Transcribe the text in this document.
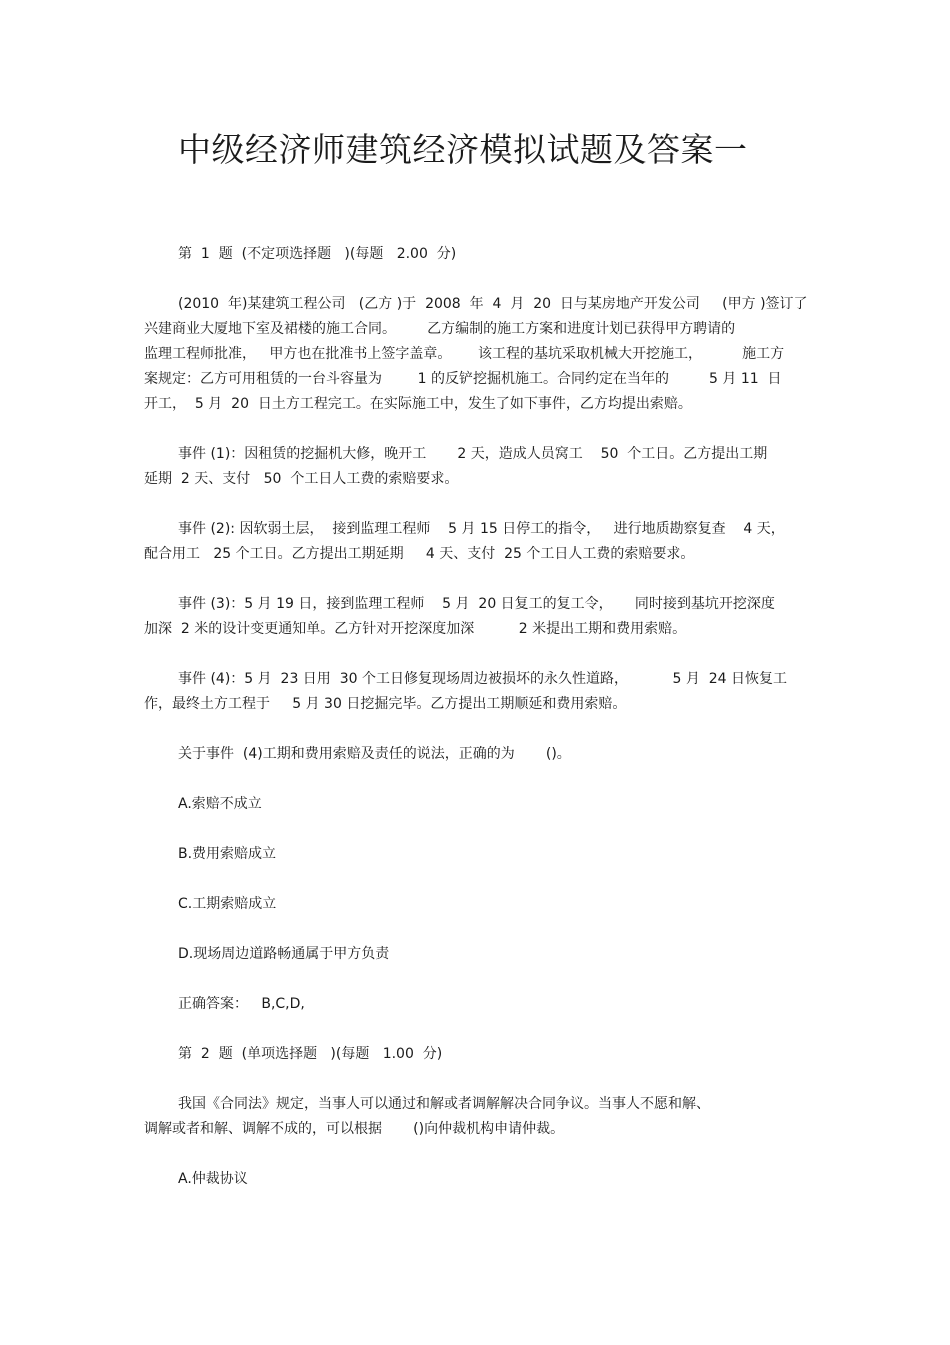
中级经济师建筑经济模拟试题及答案一
第  1  题  (不定项选择题   )(每题   2.00  分)
(2010  年)某建筑工程公司   (乙方 )于  2008  年  4  月  20  日与某房地产开发公司     (甲方 )签订了
兴建商业大厦地下室及裙楼的施工合同。       乙方编制的施工方案和进度计划已获得甲方聘请的
监理工程师批准，   甲方也在批准书上签字盖章。      该工程的基坑采取机械大开挖施工，         施工方
案规定：乙方可用租赁的一台斗容量为        1 的反铲挖掘机施工。合同约定在当年的         5 月 11  日
开工，  5 月  20  日土方工程完工。在实际施工中，发生了如下事件，乙方均提出索赔。
事件 (1)：因租赁的挖掘机大修，晚开工       2 天，造成人员窝工    50  个工日。乙方提出工期
延期  2 天、支付   50  个工日人工费的索赔要求。
事件 (2): 因软弱土层，  接到监理工程师    5 月 15 日停工的指令，   进行地质勘察复查    4 天，
配合用工   25 个工日。乙方提出工期延期     4 天、支付  25 个工日人工费的索赔要求。
事件 (3)：5 月 19 日，接到监理工程师    5 月  20 日复工的复工令，     同时接到基坑开挖深度
加深  2 米的设计变更通知单。乙方针对开挖深度加深          2 米提出工期和费用索赔。
事件 (4)：5 月  23 日用  30 个工日修复现场周边被损坏的永久性道路，          5 月  24 日恢复工
作，最终土方工程于     5 月 30 日挖掘完毕。乙方提出工期顺延和费用索赔。
关于事件  (4)工期和费用索赔及责任的说法，正确的为       ()。
A.索赔不成立
B.费用索赔成立
C.工期索赔成立
D.现场周边道路畅通属于甲方负责
正确答案：   B,C,D,
第  2  题  (单项选择题   )(每题   1.00  分)
我国《合同法》规定，当事人可以通过和解或者调解解决合同争议。当事人不愿和解、
调解或者和解、调解不成的，可以根据       ()向仲裁机构申请仲裁。
A.仲裁协议
